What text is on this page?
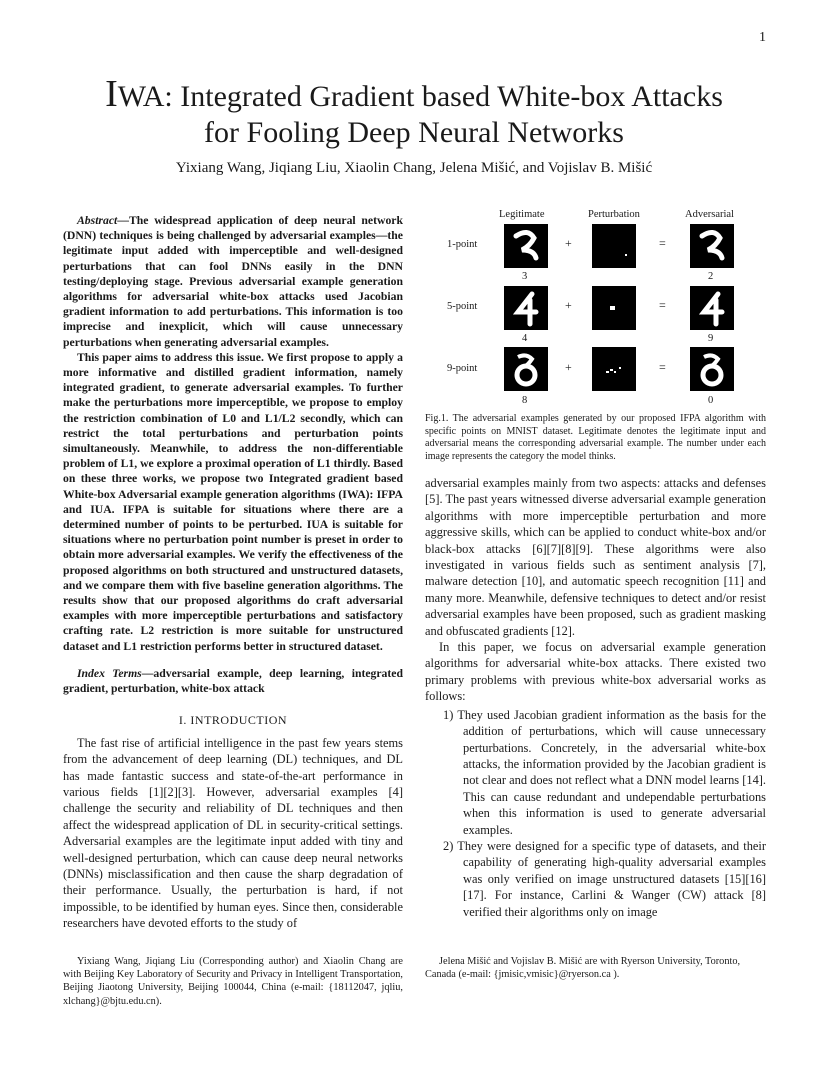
1
IWA: Integrated Gradient based White-box Attacks
for Fooling Deep Neural Networks
Yixiang Wang, Jiqiang Liu, Xiaolin Chang, Jelena Mišić, and Vojislav B. Mišić

Abstract—The widespread application of deep neural network (DNN) techniques is being challenged by adversarial examples—the legitimate input added with imperceptible and well-designed perturbations that can fool DNNs easily in the DNN testing/deploying stage. Previous adversarial example generation algorithms for adversarial white-box attacks used Jacobian gradient information to add perturbations. This information is too imprecise and inexplicit, which will cause unnecessary perturbations when generating adversarial examples.

This paper aims to address this issue. We first propose to apply a more informative and distilled gradient information, namely integrated gradient, to generate adversarial examples. To further make the perturbations more imperceptible, we propose to employ the restriction combination of L0 and L1/L2 secondly, which can restrict the total perturbations and perturbation points simultaneously. Meanwhile, to address the non-differentiable problem of L1, we explore a proximal operation of L1 thirdly. Based on these three works, we propose two Integrated gradient based White-box Adversarial example generation algorithms (IWA): IFPA and IUA. IFPA is suitable for situations where there are a determined number of points to be perturbed. IUA is suitable for situations where no perturbation point number is preset in order to obtain more adversarial examples. We verify the effectiveness of the proposed algorithms on both structured and unstructured datasets, and we compare them with five baseline generation algorithms. The results show that our proposed algorithms do craft adversarial examples with more imperceptible perturbations and satisfactory crafting rate. L2 restriction is more suitable for unstructured dataset and L1 restriction performs better in structured dataset.

Index Terms—adversarial example, deep learning, integrated gradient, perturbation, white-box attack
I. INTRODUCTION

The fast rise of artificial intelligence in the past few years stems from the advancement of deep learning (DL) techniques, and DL has made fantastic success and state-of-the-art performance in various fields [1][2][3]. However, adversarial examples [4] challenge the security and reliability of DL techniques and then affect the widespread application of DL in security-critical settings. Adversarial examples are the legitimate input added with tiny and well-designed perturbation, which can cause deep neural networks (DNNs) misclassification and then cause the sharp degradation of their performance. Usually, the perturbation is hard, if not impossible, to be identified by human eyes. Since then, considerable researchers have devoted efforts to the study of

Legitimate	Perturbation	Adversarial
1-point	+	=
3	2
5-point	+	=
4	9
9-point	+	=
8	0
Fig.1. The adversarial examples generated by our proposed IFPA algorithm with specific points on MNIST dataset. Legitimate denotes the legitimate input and adversarial means the corresponding adversarial example. The number under each image represents the category the model thinks.

adversarial examples mainly from two aspects: attacks and defenses [5]. The past years witnessed diverse adversarial example generation algorithms with more imperceptible perturbation and more aggressive skills, which can be applied to conduct white-box and/or black-box attacks [6][7][8][9]. These algorithms were also investigated in various fields such as sentiment analysis [7], malware detection [10], and automatic speech recognition [11] and many more. Meanwhile, defensive techniques to detect and/or resist adversarial examples have been proposed, such as gradient masking and obfuscated gradients [12].

In this paper, we focus on adversarial example generation algorithms for adversarial white-box attacks. There existed two primary problems with previous white-box adversarial works as follows:

1) They used Jacobian gradient information as the basis for the addition of perturbations, which will cause unnecessary perturbations. Concretely, in the adversarial white-box attacks, the information provided by the Jacobian gradient is not clear and does not reflect what a DNN model learns [14]. This can cause redundant and undependable perturbations when this information is used to generate adversarial examples.

2) They were designed for a specific type of datasets, and their capability of generating high-quality adversarial examples was only verified on image unstructured datasets [15][16][17]. For instance, Carlini & Wanger (CW) attack [8] verified their algorithms only on image

Yixiang Wang, Jiqiang Liu (Corresponding author) and Xiaolin Chang are with Beijing Key Laboratory of Security and Privacy in Intelligent Transportation, Beijing Jiaotong University, Beijing 100044, China (e-mail: {18112047, jqliu, xlchang}@bjtu.edu.cn).
Jelena Mišić and Vojislav B. Mišić are with Ryerson University, Toronto, Canada (e-mail: {jmisic,vmisic}@ryerson.ca ).
